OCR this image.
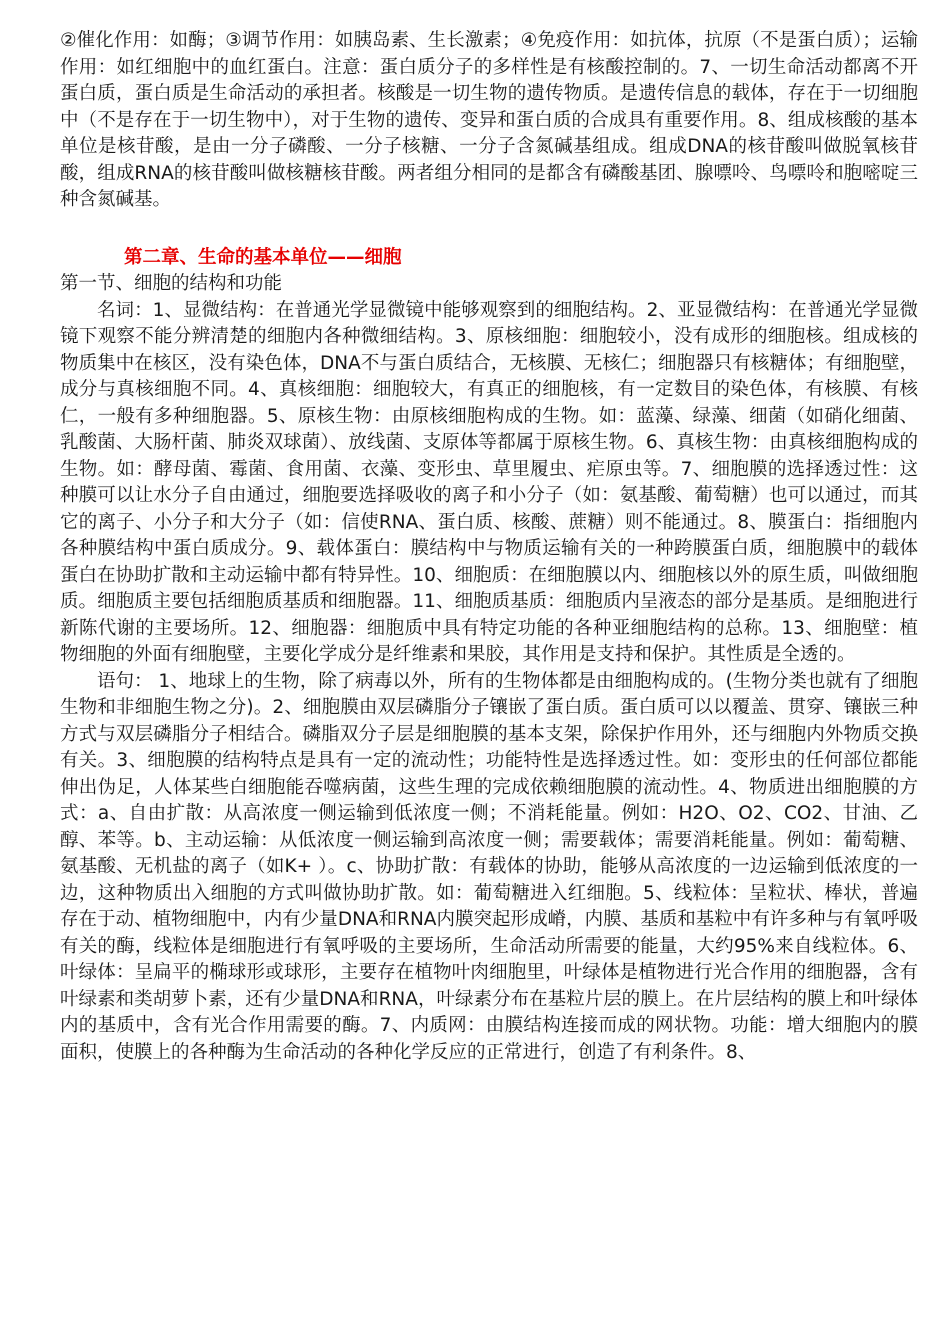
②催化作用：如酶；③调节作用：如胰岛素、生长激素；④免疫作用：如抗体，抗原（不是蛋白质）；运输作用：如红细胞中的血红蛋白。注意：蛋白质分子的多样性是有核酸控制的。7、一切生命活动都离不开蛋白质，蛋白质是生命活动的承担者。核酸是一切生物的遗传物质。是遗传信息的载体，存在于一切细胞中（不是存在于一切生物中），对于生物的遗传、变异和蛋白质的合成具有重要作用。8、组成核酸的基本单位是核苷酸，是由一分子磷酸、一分子核糖、一分子含氮碱基组成。组成DNA的核苷酸叫做脱氧核苷酸，组成RNA的核苷酸叫做核糖核苷酸。两者组分相同的是都含有磷酸基团、腺嘌呤、鸟嘌呤和胞嘧啶三种含氮碱基。

第二章、生命的基本单位——细胞

第一节、细胞的结构和功能

名词：1、显微结构：在普通光学显微镜中能够观察到的细胞结构。2、亚显微结构：在普通光学显微镜下观察不能分辨清楚的细胞内各种微细结构。3、原核细胞：细胞较小，没有成形的细胞核。组成核的物质集中在核区，没有染色体，DNA不与蛋白质结合，无核膜、无核仁；细胞器只有核糖体；有细胞壁，成分与真核细胞不同。4、真核细胞：细胞较大，有真正的细胞核，有一定数目的染色体，有核膜、有核仁，一般有多种细胞器。5、原核生物：由原核细胞构成的生物。如：蓝藻、绿藻、细菌（如硝化细菌、乳酸菌、大肠杆菌、肺炎双球菌）、放线菌、支原体等都属于原核生物。6、真核生物：由真核细胞构成的生物。如：酵母菌、霉菌、食用菌、衣藻、变形虫、草里履虫、疟原虫等。7、细胞膜的选择透过性：这种膜可以让水分子自由通过，细胞要选择吸收的离子和小分子（如：氨基酸、葡萄糖）也可以通过，而其它的离子、小分子和大分子（如：信使RNA、蛋白质、核酸、蔗糖）则不能通过。8、膜蛋白：指细胞内各种膜结构中蛋白质成分。9、载体蛋白：膜结构中与物质运输有关的一种跨膜蛋白质，细胞膜中的载体蛋白在协助扩散和主动运输中都有特异性。10、细胞质：在细胞膜以内、细胞核以外的原生质，叫做细胞质。细胞质主要包括细胞质基质和细胞器。11、细胞质基质：细胞质内呈液态的部分是基质。是细胞进行新陈代谢的主要场所。12、细胞器：细胞质中具有特定功能的各种亚细胞结构的总称。13、细胞壁：植物细胞的外面有细胞壁，主要化学成分是纤维素和果胶，其作用是支持和保护。其性质是全透的。

语句： 1、地球上的生物，除了病毒以外，所有的生物体都是由细胞构成的。(生物分类也就有了细胞生物和非细胞生物之分)。2、细胞膜由双层磷脂分子镶嵌了蛋白质。蛋白质可以以覆盖、贯穿、镶嵌三种方式与双层磷脂分子相结合。磷脂双分子层是细胞膜的基本支架，除保护作用外，还与细胞内外物质交换有关。3、细胞膜的结构特点是具有一定的流动性；功能特性是选择透过性。如：变形虫的任何部位都能伸出伪足，人体某些白细胞能吞噬病菌，这些生理的完成依赖细胞膜的流动性。4、物质进出细胞膜的方式：a、自由扩散：从高浓度一侧运输到低浓度一侧；不消耗能量。例如：H2O、O2、CO2、甘油、乙醇、苯等。b、主动运输：从低浓度一侧运输到高浓度一侧；需要载体；需要消耗能量。例如：葡萄糖、氨基酸、无机盐的离子（如K+ ）。c、协助扩散：有载体的协助，能够从高浓度的一边运输到低浓度的一边，这种物质出入细胞的方式叫做协助扩散。如：葡萄糖进入红细胞。5、线粒体：呈粒状、棒状，普遍存在于动、植物细胞中，内有少量DNA和RNA内膜突起形成嵴，内膜、基质和基粒中有许多种与有氧呼吸有关的酶，线粒体是细胞进行有氧呼吸的主要场所，生命活动所需要的能量，大约95%来自线粒体。6、叶绿体：呈扁平的椭球形或球形，主要存在植物叶肉细胞里，叶绿体是植物进行光合作用的细胞器，含有叶绿素和类胡萝卜素，还有少量DNA和RNA，叶绿素分布在基粒片层的膜上。在片层结构的膜上和叶绿体内的基质中，含有光合作用需要的酶。7、内质网：由膜结构连接而成的网状物。功能：增大细胞内的膜面积，使膜上的各种酶为生命活动的各种化学反应的正常进行，创造了有利条件。8、
